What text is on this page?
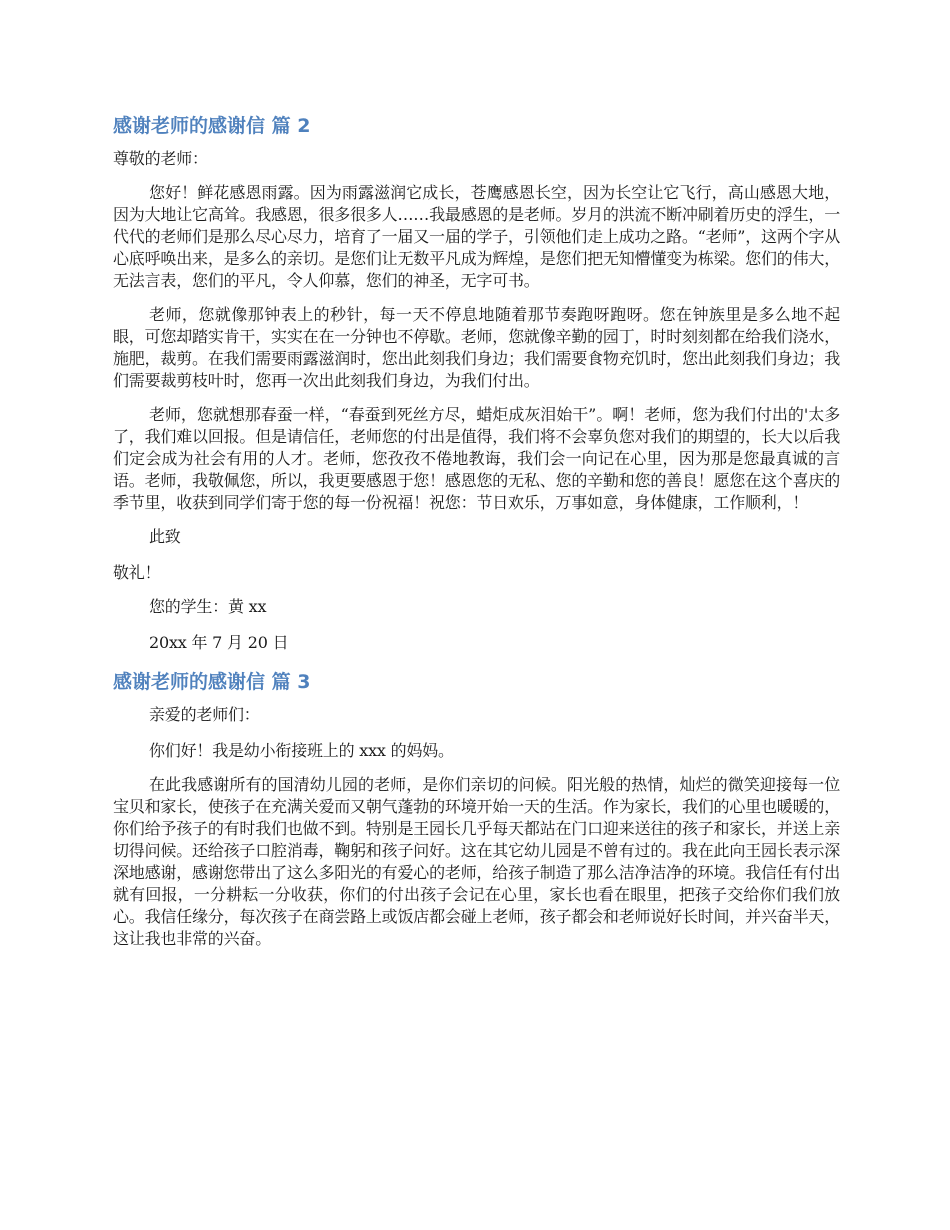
感谢老师的感谢信 篇 2
尊敬的老师：
您好！鲜花感恩雨露。因为雨露滋润它成长，苍鹰感恩长空，因为长空让它飞行，高山感恩大地，因为大地让它高耸。我感恩，很多很多人……我最感恩的是老师。岁月的洪流不断冲刷着历史的浮生，一代代的老师们是那么尽心尽力，培育了一届又一届的学子，引领他们走上成功之路。“老师”，这两个字从心底呼唤出来，是多么的亲切。是您们让无数平凡成为辉煌，是您们把无知懵懂变为栋梁。您们的伟大，无法言表，您们的平凡，令人仰慕，您们的神圣，无字可书。
老师，您就像那钟表上的秒针，每一天不停息地随着那节奏跑呀跑呀。您在钟族里是多么地不起眼，可您却踏实肯干，实实在在一分钟也不停歇。老师，您就像辛勤的园丁，时时刻刻都在给我们浇水，施肥，裁剪。在我们需要雨露滋润时，您出此刻我们身边；我们需要食物充饥时，您出此刻我们身边；我们需要裁剪枝叶时，您再一次出此刻我们身边，为我们付出。
老师，您就想那春蚕一样，“春蚕到死丝方尽，蜡炬成灰泪始干”。啊！老师，您为我们付出的'太多了，我们难以回报。但是请信任，老师您的付出是值得，我们将不会辜负您对我们的期望的，长大以后我们定会成为社会有用的人才。老师，您孜孜不倦地教诲，我们会一向记在心里，因为那是您最真诚的言语。老师，我敬佩您，所以，我更要感恩于您！感恩您的无私、您的辛勤和您的善良！愿您在这个喜庆的季节里，收获到同学们寄于您的每一份祝福！祝您：节日欢乐，万事如意，身体健康，工作顺利，！
此致
敬礼！
您的学生：黄 xx
20xx 年 7 月 20 日
感谢老师的感谢信 篇 3
亲爱的老师们：
你们好！我是幼小衔接班上的 xxx 的妈妈。
在此我感谢所有的国清幼儿园的老师，是你们亲切的问候。阳光般的热情，灿烂的微笑迎接每一位宝贝和家长，使孩子在充满关爱而又朝气蓬勃的环境开始一天的生活。作为家长，我们的心里也暖暖的，你们给予孩子的有时我们也做不到。特别是王园长几乎每天都站在门口迎来送往的孩子和家长，并送上亲切得问候。还给孩子口腔消毒，鞠躬和孩子问好。这在其它幼儿园是不曾有过的。我在此向王园长表示深深地感谢，感谢您带出了这么多阳光的有爱心的老师，给孩子制造了那么洁净洁净的环境。我信任有付出就有回报，一分耕耘一分收获，你们的付出孩子会记在心里，家长也看在眼里，把孩子交给你们我们放心。我信任缘分，每次孩子在商尝路上或饭店都会碰上老师，孩子都会和老师说好长时间，并兴奋半天，这让我也非常的兴奋。
